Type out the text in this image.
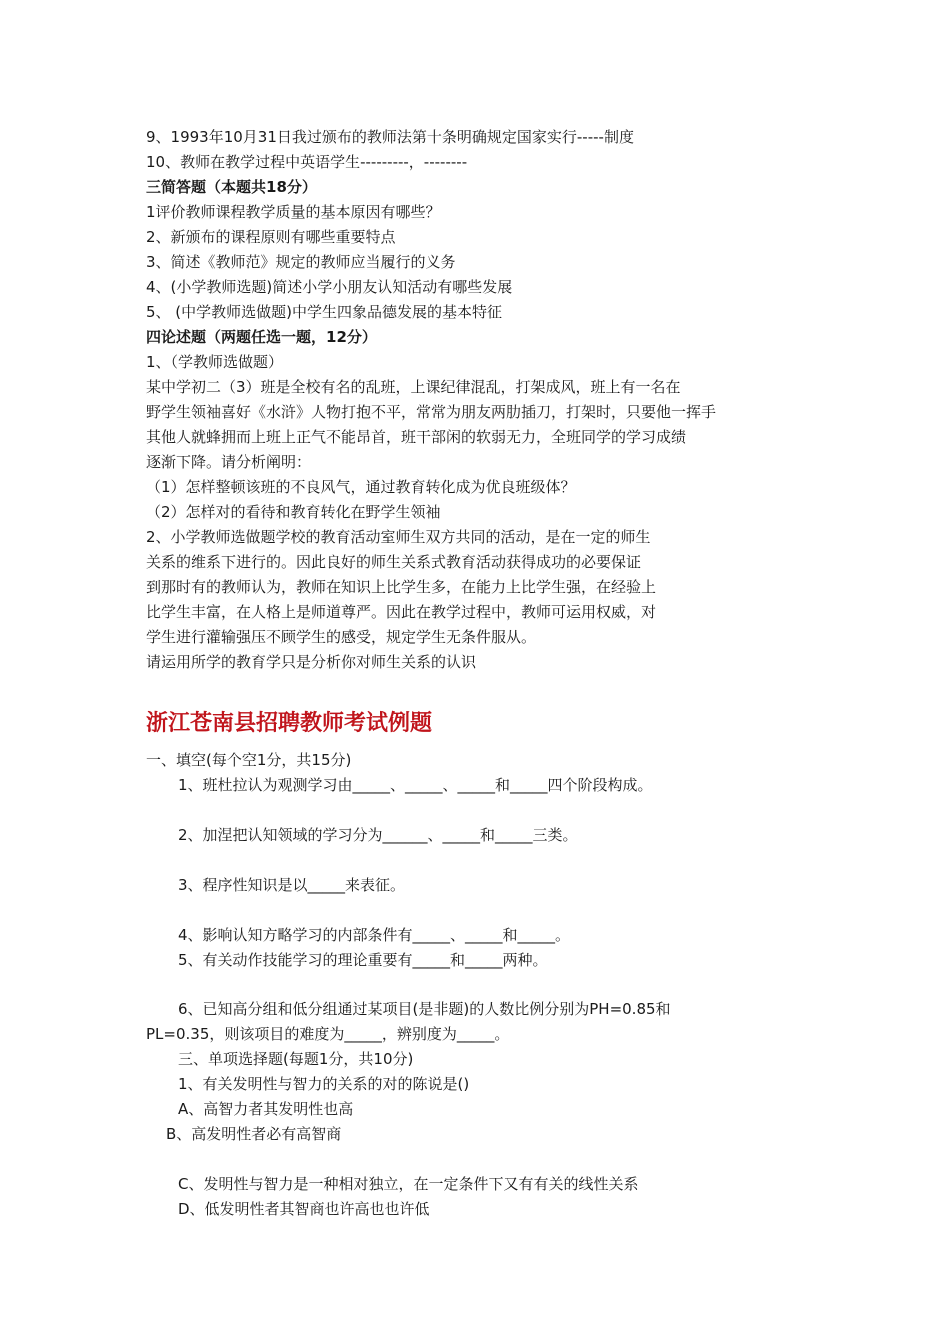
9、1993年10月31日我过颁布的教师法第十条明确规定国家实行-----制度
10、教师在教学过程中英语学生---------，--------
三简答题（本题共18分）
1评价教师课程教学质量的基本原因有哪些？
2、新颁布的课程原则有哪些重要特点
3、简述《教师范》规定的教师应当履行的义务
4、(小学教师选题)简述小学小朋友认知活动有哪些发展
5、 (中学教师选做题)中学生四象品德发展的基本特征
四论述题（两题任选一题，12分）
1、（学教师选做题）
某中学初二（3）班是全校有名的乱班，上课纪律混乱，打架成风，班上有一名在
野学生领袖喜好《水浒》人物打抱不平，常常为朋友两肋插刀，打架时，只要他一挥手
其他人就蜂拥而上班上正气不能昂首，班干部闲的软弱无力，全班同学的学习成绩
逐渐下降。请分析阐明：
（1）怎样整顿该班的不良风气，通过教育转化成为优良班级体？
（2）怎样对的看待和教育转化在野学生领袖
2、小学教师选做题学校的教育活动室师生双方共同的活动，是在一定的师生
关系的维系下进行的。因此良好的师生关系式教育活动获得成功的必要保证
到那时有的教师认为，教师在知识上比学生多，在能力上比学生强，在经验上
比学生丰富，在人格上是师道尊严。因此在教学过程中，教师可运用权威，对
学生进行灌输强压不顾学生的感受，规定学生无条件服从。
请运用所学的教育学只是分析你对师生关系的认识
浙江苍南县招聘教师考试例题
一、填空(每个空1分，共15分)
1、班杜拉认为观测学习由_____、_____、_____和_____四个阶段构成。
2、加涅把认知领域的学习分为______、_____和_____三类。
3、程序性知识是以_____来表征。
4、影响认知方略学习的内部条件有_____、_____和_____。
5、有关动作技能学习的理论重要有_____和_____两种。
6、已知高分组和低分组通过某项目(是非题)的人数比例分别为PH=0.85和
PL=0.35，则该项目的难度为_____，辨别度为_____。
三、单项选择题(每题1分，共10分)
1、有关发明性与智力的关系的对的陈说是()
A、高智力者其发明性也高
B、高发明性者必有高智商
C、发明性与智力是一种相对独立，在一定条件下又有有关的线性关系
D、低发明性者其智商也许高也也许低
